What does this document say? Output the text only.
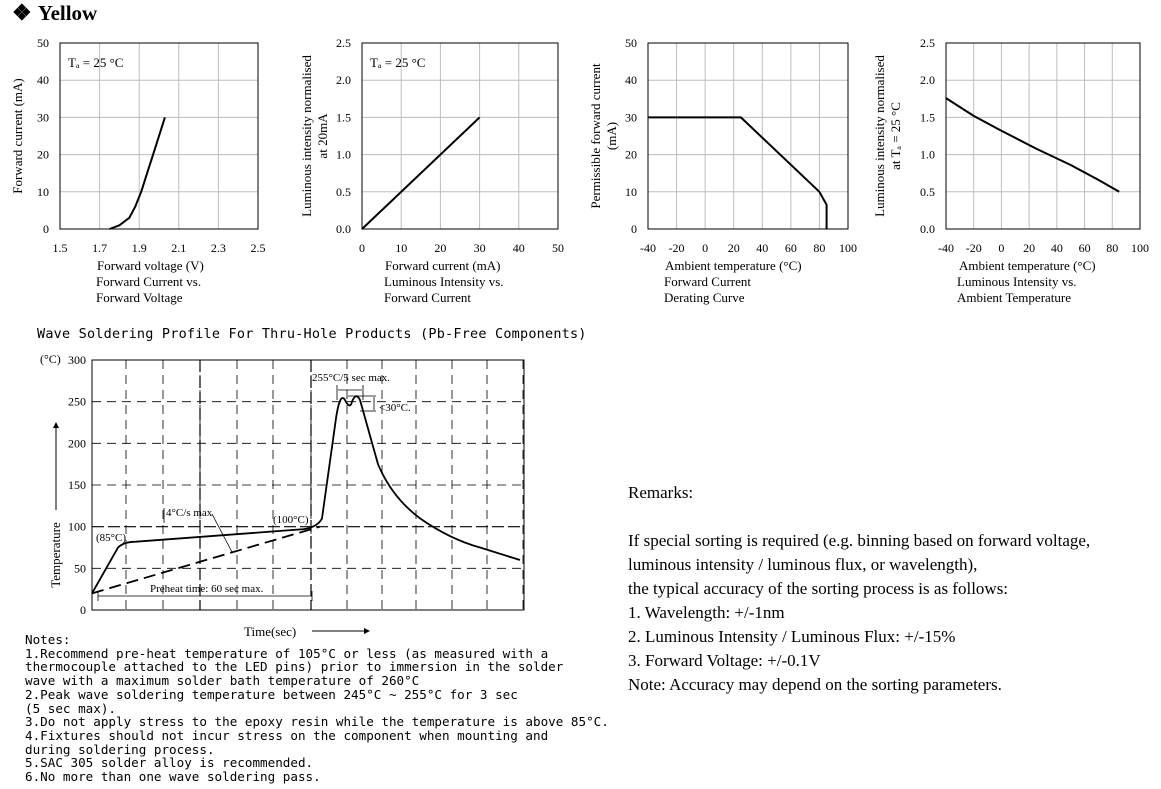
❖ Yellow
1.5 1.7 1.9 2.1 2.3 2.5
0
10
20
30
40
50
Forward voltage (V)
Forward current (mA)
Tₐ = 25 °C
0	10 20 30 40 50
0.0
0.5
1.0
1.5
2.0
2.5
Forward current (mA)
Luminous intensity normalised at 20mA
Tₐ = 25 °C
-40 -20 0 20 40 60 80 100
0
10
20
30
40
50
Ambient temperature (°C)
Permissible forward current (mA)
-40 -20 0 20 40 60 80 100
0.0
0.5
1.0
1.5
2.0
2.5
Ambient temperature (°C)
Luminous intensity normalised at Tₐ = 25 °C
Forward Current vs.
Forward Voltage
Luminous Intensity vs.
Forward Current
Forward Current
Derating Curve
Luminous Intensity vs.
Ambient Temperature
Wave Soldering Profile For Thru-Hole Products (Pb-Free Components)
(°C)
Time(sec)
Temperature
0
50
100
150
200
250
300
255°C/5 sec max.
<30°C.
4°C/s max
(100°C)
(85°C)
Preheat time: 60 sec max.
Notes:
1.Recommend pre-heat temperature of 105°C or less (as measured with a
thermocouple attached to the LED pins) prior to immersion in the solder
wave with a maximum solder bath temperature of 260°C
2.Peak wave soldering temperature between 245°C ~ 255°C for 3 sec
(5 sec max).
3.Do not apply stress to the epoxy resin while the temperature is above 85°C.
4.Fixtures should not incur stress on the component when mounting and
during soldering process.
5.SAC 305 solder alloy is recommended.
6.No more than one wave soldering pass.
Remarks:
If special sorting is required (e.g. binning based on forward voltage,
luminous intensity / luminous flux, or wavelength),
the typical accuracy of the sorting process is as follows:
1. Wavelength: +/-1nm
2. Luminous Intensity / Luminous Flux: +/-15%
3. Forward Voltage: +/-0.1V
Note: Accuracy may depend on the sorting parameters.
